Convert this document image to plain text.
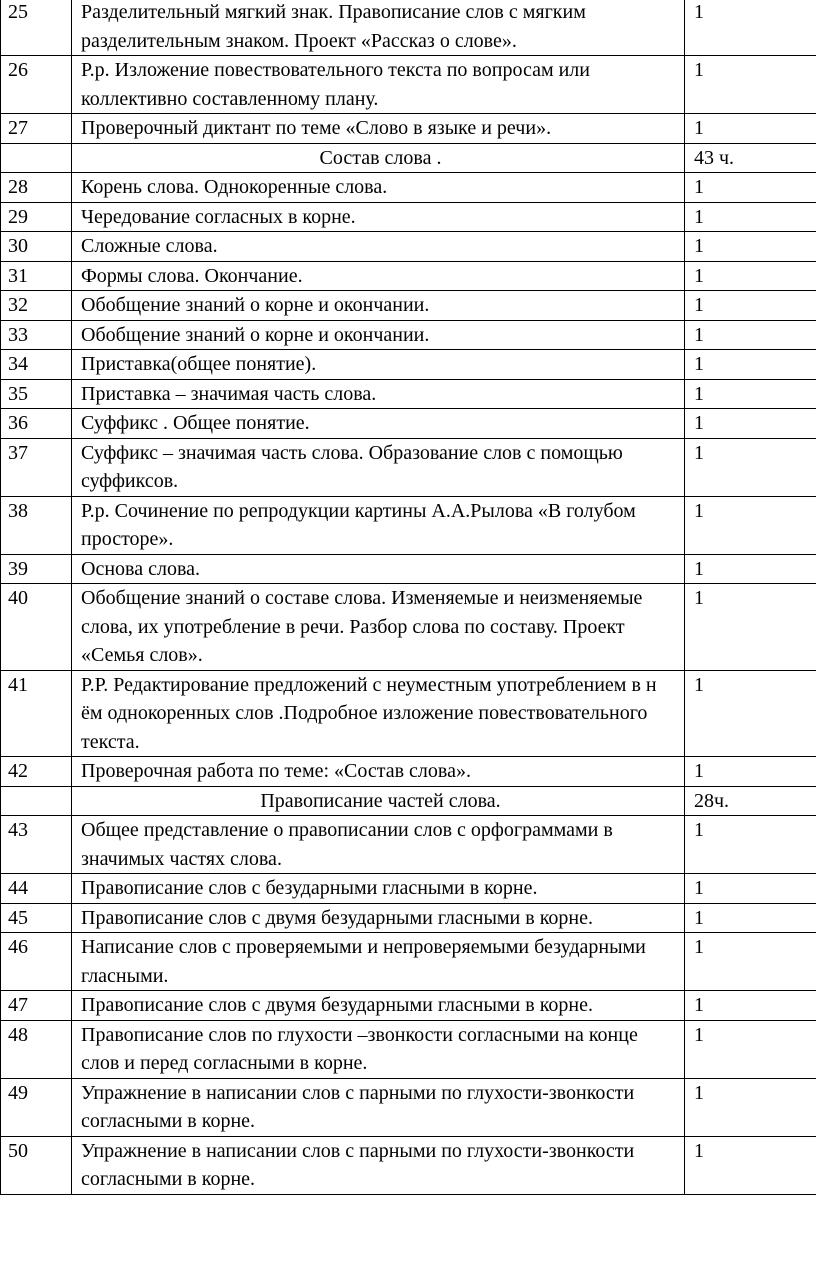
25	Разделительный мягкий знак. Правописание слов с мягким разделительным знаком. Проект «Рассказ о слове».	1
26	Р.р. Изложение повествовательного текста по вопросам или коллективно составленному плану.	1
27	Проверочный диктант по теме «Слово в языке и речи».	1
	Состав слова .	43 ч.
28	Корень слова. Однокоренные слова.	1
29	Чередование согласных в корне.	1
30	Сложные слова.	1
31	Формы слова. Окончание.	1
32	Обобщение знаний о корне и окончании.	1
33	Обобщение знаний о корне и окончании.	1
34	Приставка(общее понятие).	1
35	Приставка – значимая часть слова.	1
36	Суффикс . Общее понятие.	1
37	Суффикс – значимая часть слова. Образование слов с помощью суффиксов.	1
38	Р.р. Сочинение по репродукции картины А.А.Рылова «В голубом просторе».	1
39	Основа слова.	1
40	Обобщение знаний о составе слова. Изменяемые и неизменяемые слова, их употребление в речи. Разбор слова по составу. Проект «Семья слов».	1
41	Р.Р. Редактирование предложений с неуместным употреблением в н ём однокоренных слов .Подробное изложение повествовательного текста.	1
42	Проверочная работа по теме: «Состав слова».	1
	Правописание частей слова.	28ч.
43	Общее представление о правописании слов с орфограммами в значимых частях слова.	1
44	Правописание слов с безударными гласными в корне.	1
45	Правописание слов с двумя безударными гласными в корне.	1
46	Написание слов с проверяемыми и непроверяемыми безударными гласными.	1
47	Правописание слов с двумя безударными гласными в корне.	1
48	Правописание слов по глухости –звонкости согласными на конце слов и перед согласными в корне.	1
49	Упражнение в написании слов с парными по глухости-звонкости согласными в корне.	1
50	Упражнение в написании слов с парными по глухости-звонкости согласными в корне.	1
